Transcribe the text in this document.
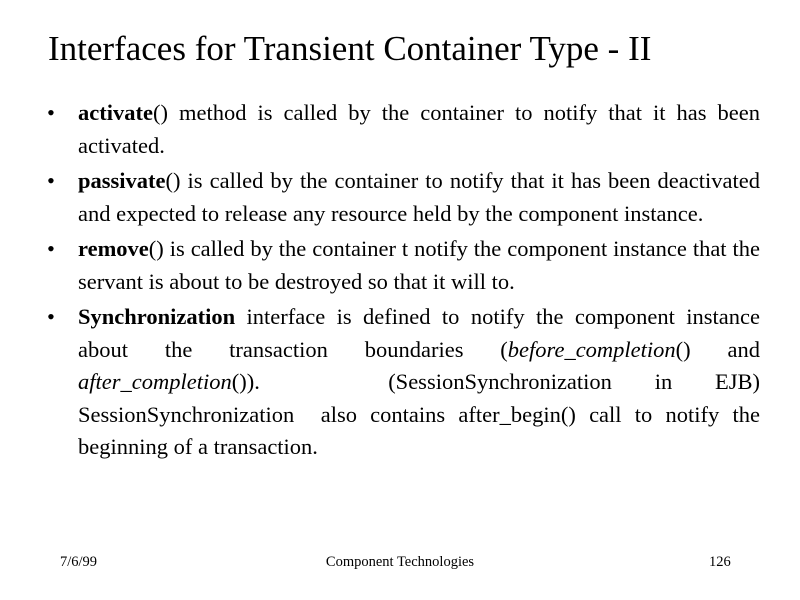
Interfaces for Transient Container Type - II
•	activate() method is called by the container to notify that it has been activated.
•	passivate() is called by the container to notify that it has been deactivated and expected to release any resource held by the component instance.
•	remove() is called by the container t notify the component instance that the servant is about to be destroyed so that it will to.
•	Synchronization interface is defined to notify the component instance about the transaction boundaries (before_completion() and after_completion()).   (SessionSynchronization in EJB) SessionSynchronization  also contains after_begin() call to notify the beginning of a transaction.
7/6/99	Component Technologies	126
